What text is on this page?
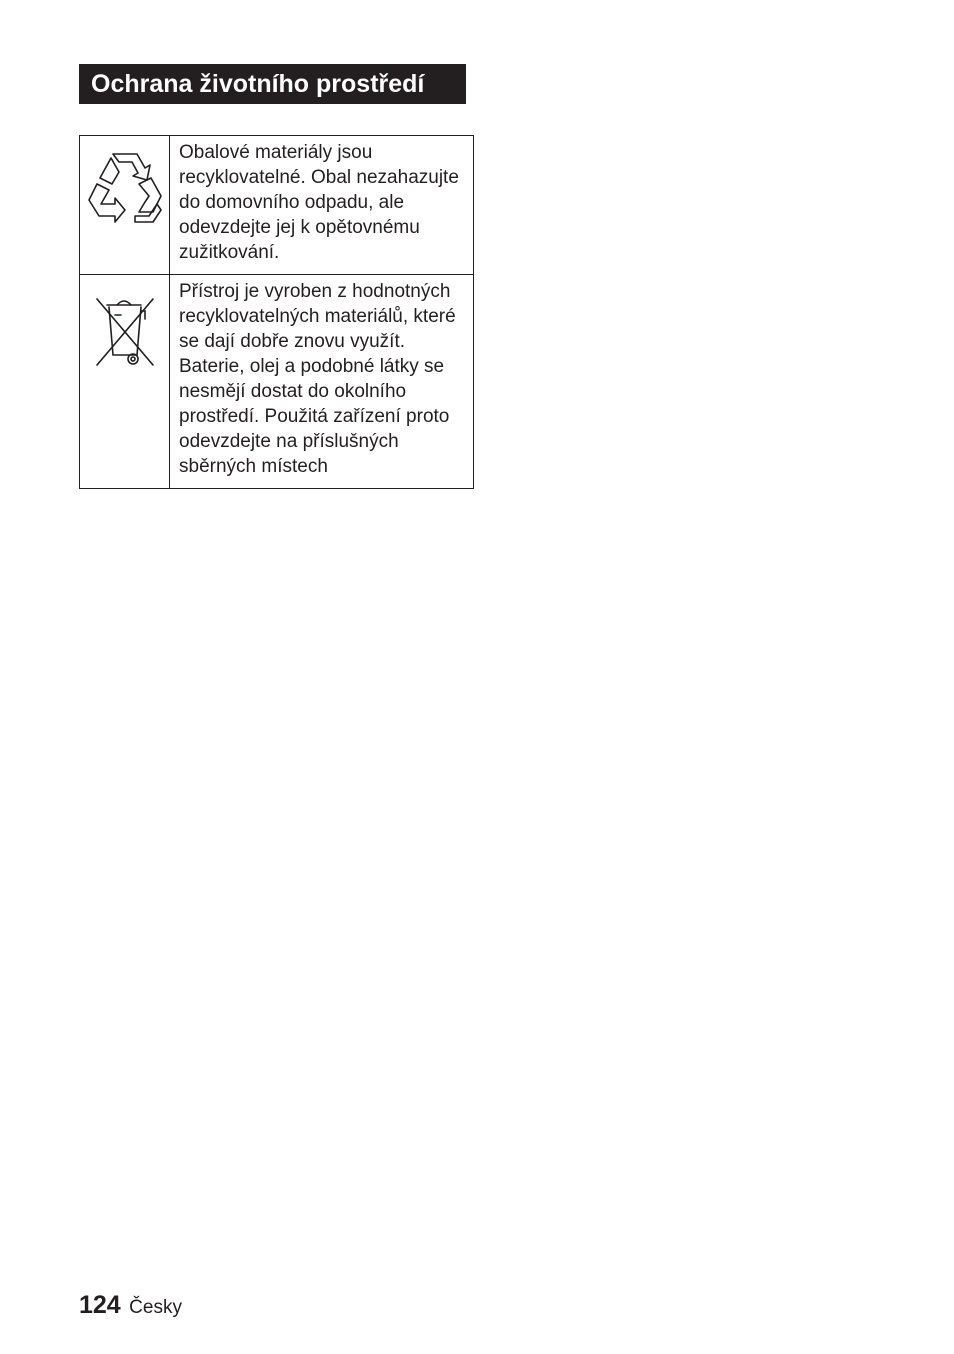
Ochrana životního prostředí
	Obalové materiály jsou recyklovatelné. Obal nezahazujte do domovního odpadu, ale odevzdejte jej k opětovnému zužitkování.

	Přístroj je vyroben z hodnotných recyklovatelných materiálů, které se dají dobře znovu využít. Baterie, olej a podobné látky se nesmějí dostat do okolního prostředí. Použitá zařízení proto odevzdejte na příslušných sběrných místech
124 Česky
